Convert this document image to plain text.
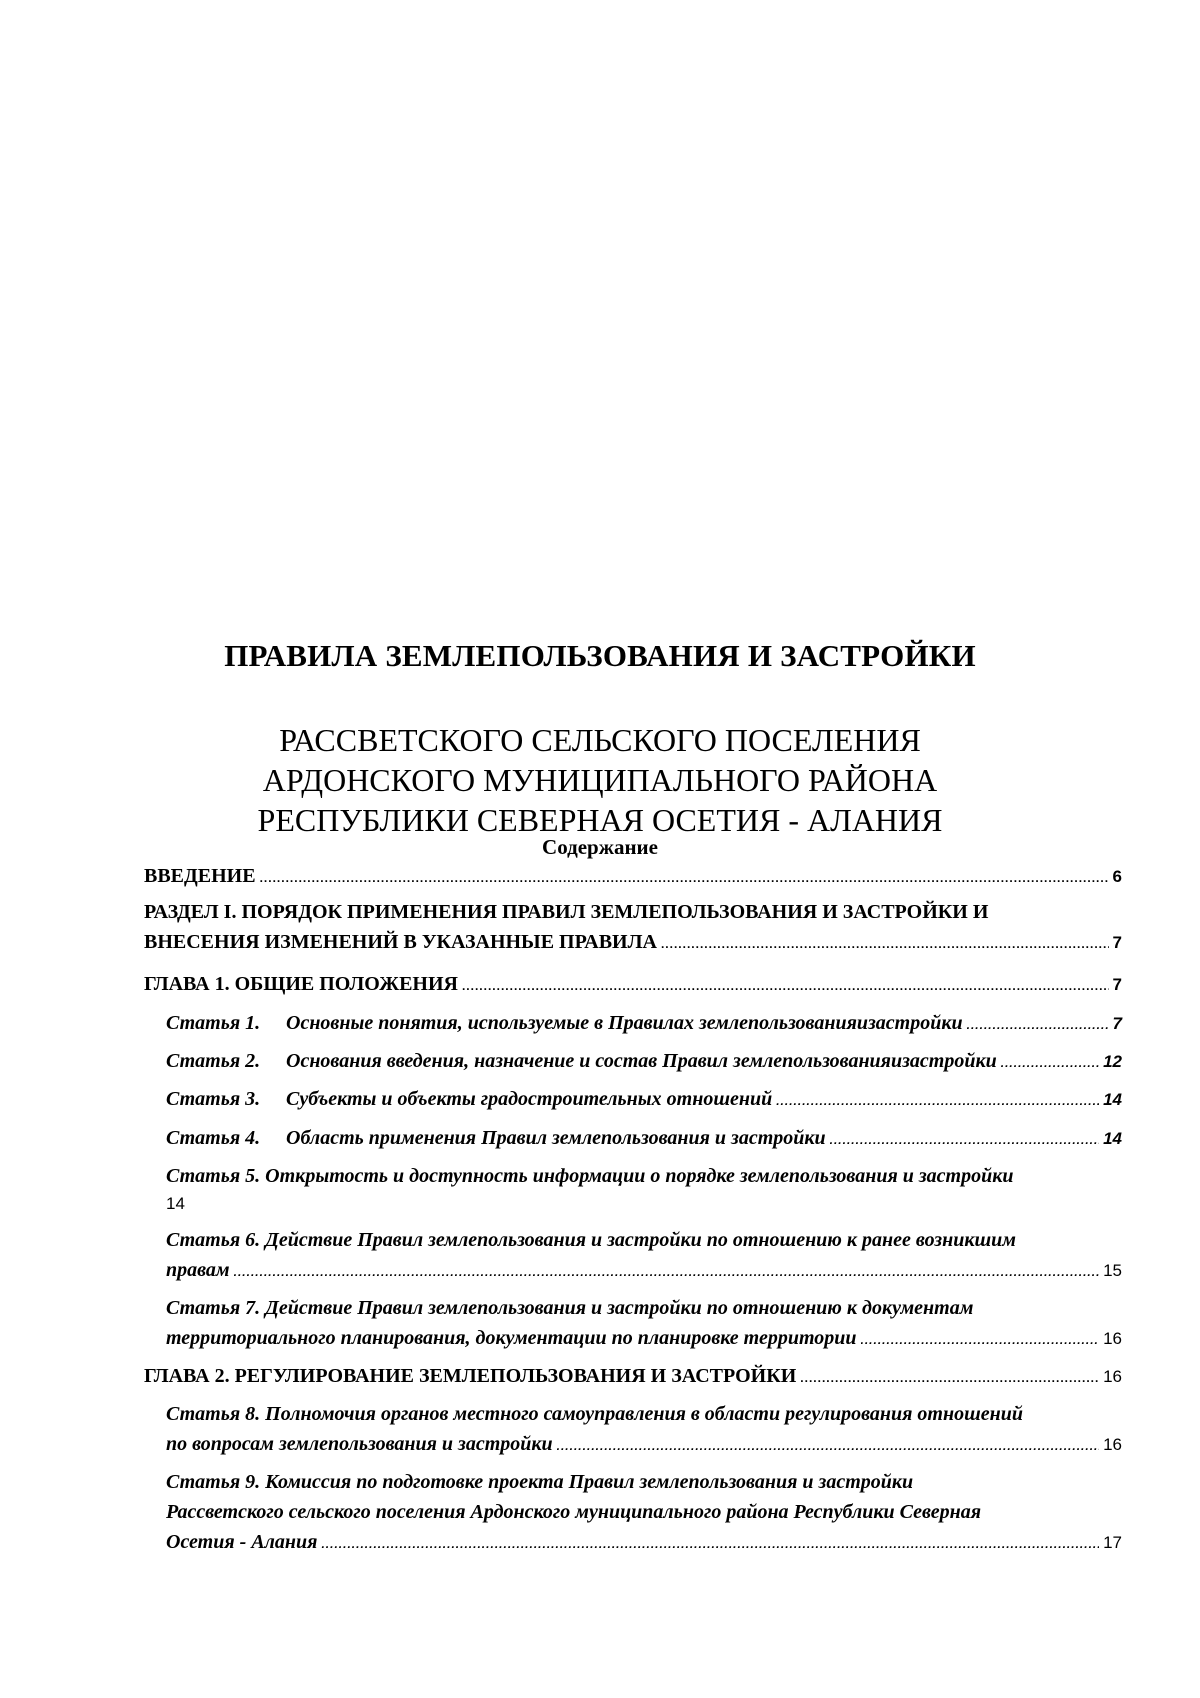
ПРАВИЛА ЗЕМЛЕПОЛЬЗОВАНИЯ И ЗАСТРОЙКИ
РАССВЕТСКОГО СЕЛЬСКОГО ПОСЕЛЕНИЯ
АРДОНСКОГО МУНИЦИПАЛЬНОГО РАЙОНА
РЕСПУБЛИКИ СЕВЕРНАЯ ОСЕТИЯ - АЛАНИЯ
Содержание
ВВЕДЕНИЕ .....	6
РАЗДЕЛ I. ПОРЯДОК ПРИМЕНЕНИЯ ПРАВИЛ ЗЕМЛЕПОЛЬЗОВАНИЯ И ЗАСТРОЙКИ И
ВНЕСЕНИЯ ИЗМЕНЕНИЙ В УКАЗАННЫЕ ПРАВИЛА .....	7
ГЛАВА 1. ОБЩИЕ ПОЛОЖЕНИЯ .....	7
Статья 1. Основные понятия, используемые в Правилах землепользованияизастройки .....	7
Статья 2. Основания введения, назначение и состав Правил землепользованияизастройки .....	12
Статья 3. Субъекты и объекты градостроительных отношений .....	14
Статья 4. Область применения Правил землепользования и застройки .....	14
Статья 5. Открытость и доступность информации о порядке землепользования и застройки
14
Статья 6. Действие Правил землепользования и застройки по отношению к ранее возникшим
правам .....	15
Статья 7. Действие Правил землепользования и застройки по отношению к документам
территориального планирования, документации по планировке территории .....	16
ГЛАВА 2. РЕГУЛИРОВАНИЕ ЗЕМЛЕПОЛЬЗОВАНИЯ И ЗАСТРОЙКИ .....	16
Статья 8. Полномочия органов местного самоуправления в области регулирования отношений
по вопросам землепользования и застройки .....	16
Статья 9. Комиссия по подготовке проекта Правил землепользования и застройки
Рассветского сельского поселения Ардонского муниципального района Республики Северная
Осетия - Алания .....	17
